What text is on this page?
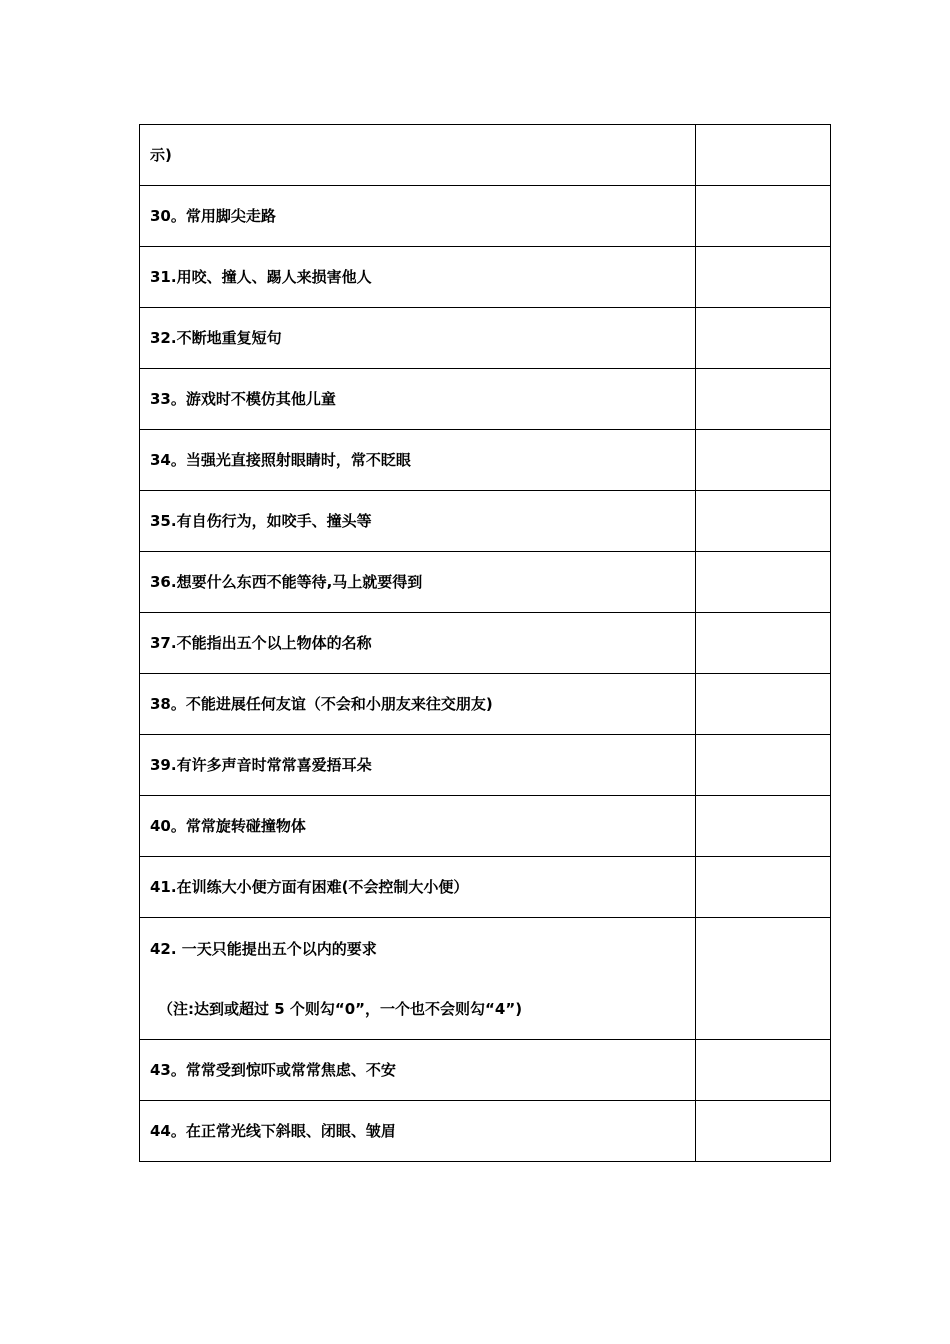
示)	

30。常用脚尖走路	

31.用咬、撞人、踢人来损害他人	

32.不断地重复短句	

33。游戏时不模仿其他儿童	

34。当强光直接照射眼睛时，常不眨眼	

35.有自伤行为，如咬手、撞头等	

36.想要什么东西不能等待,马上就要得到	

37.不能指出五个以上物体的名称	

38。不能进展任何友谊（不会和小朋友来往交朋友)	

39.有许多声音时常常喜爱捂耳朵	

40。常常旋转碰撞物体	

41.在训练大小便方面有困难(不会控制大小便）	

42. 一天只能提出五个以内的要求
（注:达到或超过 5 个则勾“0”，一个也不会则勾“4”)	

43。常常受到惊吓或常常焦虑、不安	

44。在正常光线下斜眼、闭眼、皱眉	
